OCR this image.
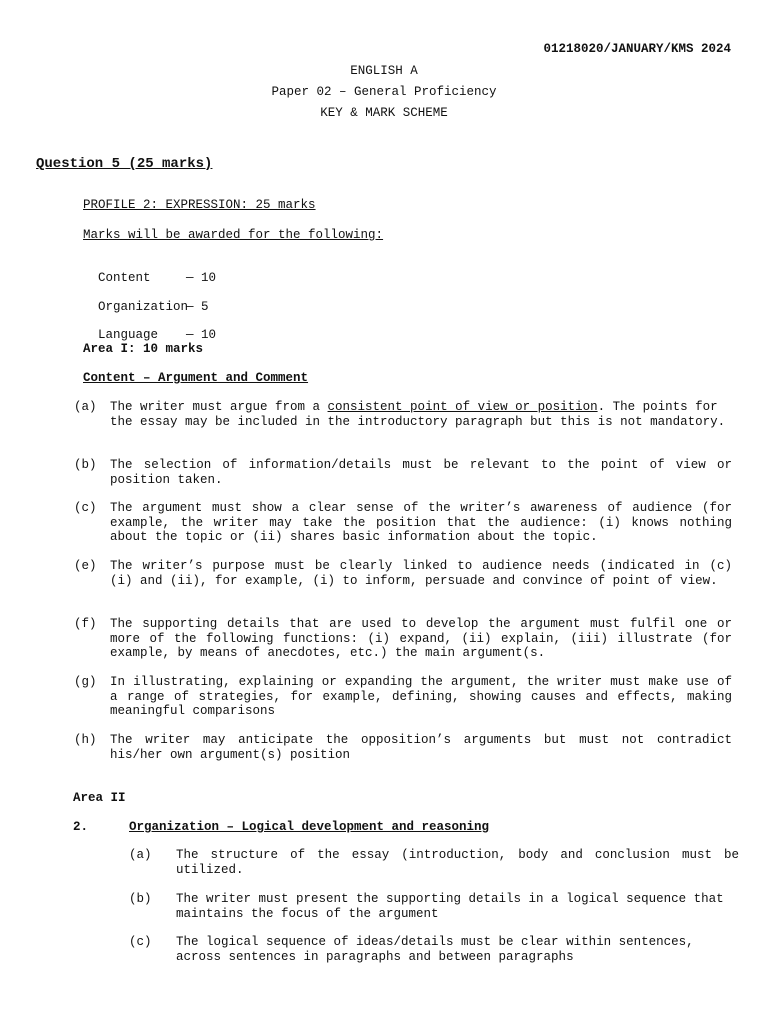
01218020/JANUARY/KMS 2024
ENGLISH A
Paper 02 – General Proficiency
KEY & MARK SCHEME
Question 5 (25 marks)
PROFILE 2: EXPRESSION: 25 marks
Marks will be awarded for the following:

Content	— 10

Organization
— 5

Language — 10

Area I: 10 marks
Content – Argument and Comment
(a) The writer must argue from a consistent point of view or position. The points for the essay may be included in the introductory paragraph but this is not mandatory.
(b) The selection of information/details must be relevant to the point of view or position taken.
(c) The argument must show a clear sense of the writer’s awareness of audience (for example, the writer may take the position that the audience: (i) knows nothing about the topic or (ii) shares basic information about the topic.
(e) The writer’s purpose must be clearly linked to audience needs (indicated in (c) (i) and (ii), for example, (i) to inform, persuade and convince of point of view.
(f) The supporting details that are used to develop the argument must fulfil one or more of the following functions: (i) expand, (ii) explain, (iii) illustrate (for example, by means of anecdotes, etc.) the main argument(s.
(g) In illustrating, explaining or expanding the argument, the writer must make use of a range of strategies, for example, defining, showing causes and effects, making meaningful comparisons
(h) The writer may anticipate the opposition’s arguments but must not contradict his/her own argument(s) position
Area II
2.	Organization – Logical development and reasoning
(a) The structure of the essay (introduction, body and conclusion must be utilized.
(b) The writer must present the supporting details in a logical sequence that maintains the focus of the argument
(c) The logical sequence of ideas/details must be clear within sentences, across sentences in paragraphs and between paragraphs
